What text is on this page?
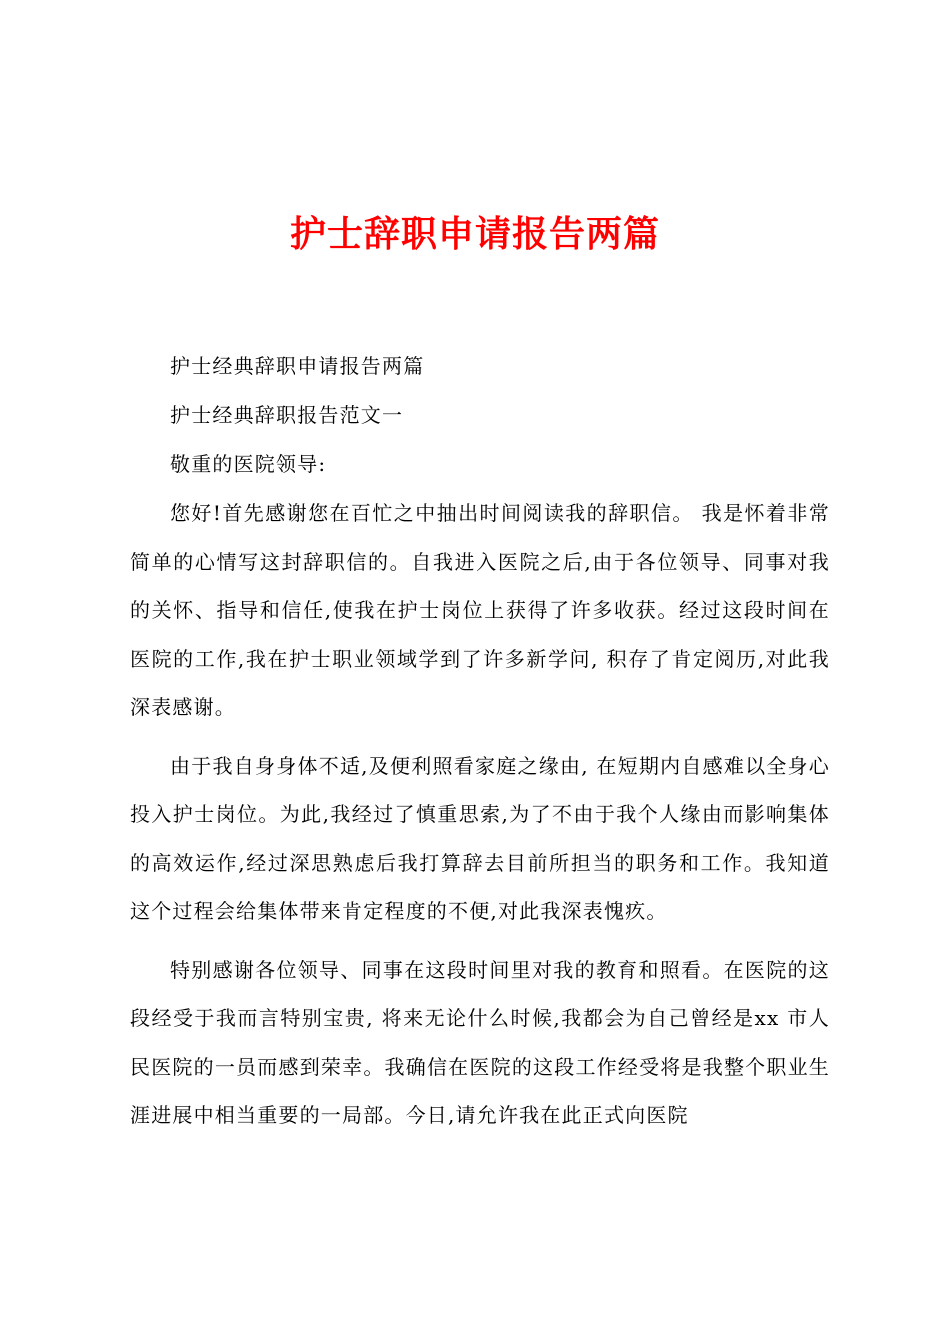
护士辞职申请报告两篇

护士经典辞职申请报告两篇

护士经典辞职报告范文一

敬重的医院领导:

您好!首先感谢您在百忙之中抽出时间阅读我的辞职信。 我是怀着非常简单的心情写这封辞职信的。自我进入医院之后,由于各位领导、同事对我的关怀、指导和信任,使我在护士岗位上获得了许多收获。经过这段时间在医院的工作,我在护士职业领域学到了许多新学问, 积存了肯定阅历,对此我深表感谢。

由于我自身身体不适,及便利照看家庭之缘由, 在短期内自感难以全身心投入护士岗位。为此,我经过了慎重思索,为了不由于我个人缘由而影响集体的高效运作,经过深思熟虑后我打算辞去目前所担当的职务和工作。我知道这个过程会给集体带来肯定程度的不便,对此我深表愧疚。

特别感谢各位领导、同事在这段时间里对我的教育和照看。在医院的这段经受于我而言特别宝贵, 将来无论什么时候,我都会为自己曾经是xx 市人民医院的一员而感到荣幸。我确信在医院的这段工作经受将是我整个职业生涯进展中相当重要的一局部。今日,请允许我在此正式向医院
